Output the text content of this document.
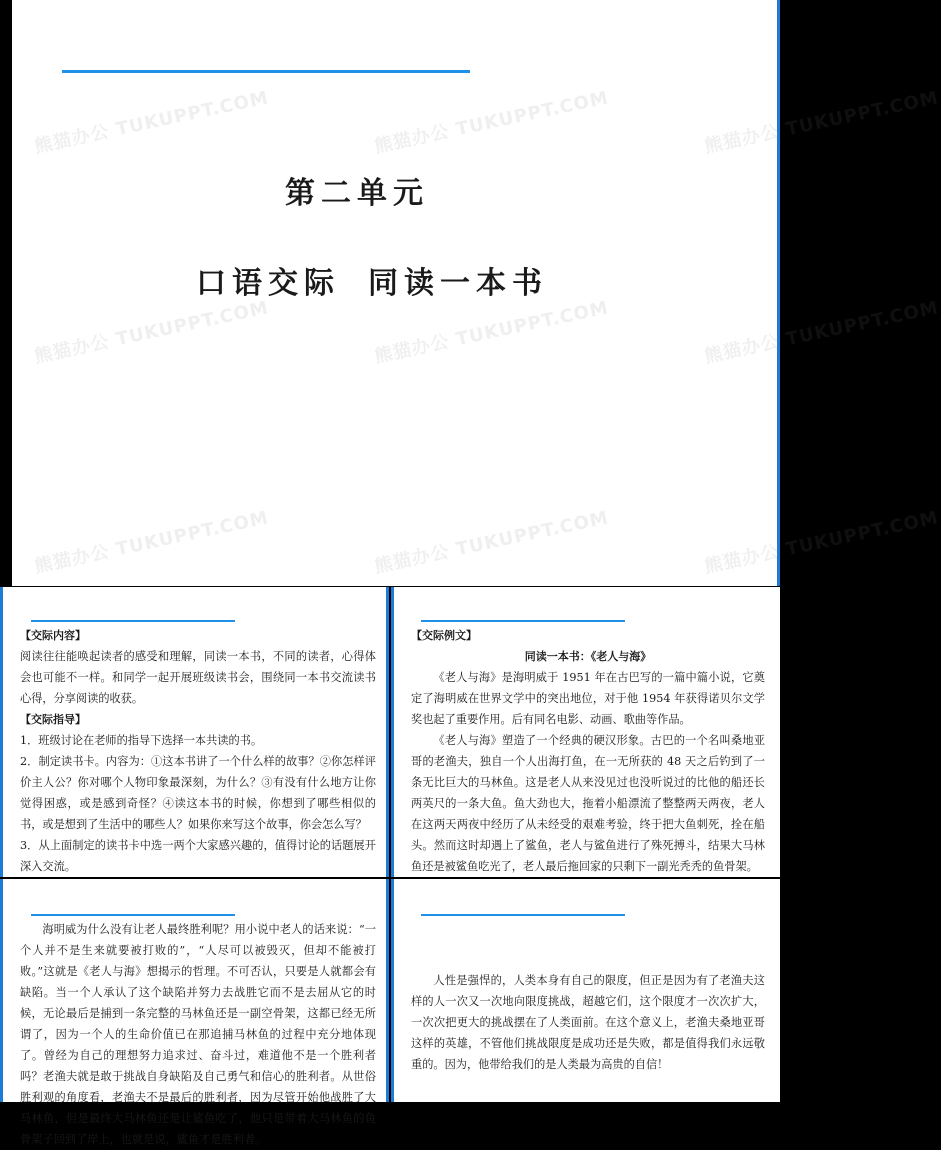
熊猫办公 TUKUPPT.COM	熊猫办公 TUKUPPT.COM	熊猫办公 TUKUPPT.COM
熊猫办公 TUKUPPT.COM	熊猫办公 TUKUPPT.COM	熊猫办公 TUKUPPT.COM
熊猫办公 TUKUPPT.COM	熊猫办公 TUKUPPT.COM	熊猫办公 TUKUPPT.COM
第二单元
口语交际 同读一本书

【交际内容】

阅读往往能唤起读者的感受和理解，同读一本书，不同的读者，心得体会也可能不一样。和同学一起开展班级读书会，围绕同一本书交流读书心得，分享阅读的收获。

【交际指导】

1．班级讨论在老师的指导下选择一本共读的书。

2．制定读书卡。内容为：①这本书讲了一个什么样的故事？②你怎样评价主人公？你对哪个人物印象最深刻，为什么？③有没有什么地方让你觉得困惑，或是感到奇怪？④读这本书的时候，你想到了哪些相似的书，或是想到了生活中的哪些人？如果你来写这个故事，你会怎么写？

3．从上面制定的读书卡中选一两个大家感兴趣的，值得讨论的话题展开深入交流。

【交际例文】

同读一本书：《老人与海》

《老人与海》是海明威于 1951 年在古巴写的一篇中篇小说，它奠定了海明威在世界文学中的突出地位，对于他 1954 年获得诺贝尔文学奖也起了重要作用。后有同名电影、动画、歌曲等作品。

《老人与海》塑造了一个经典的硬汉形象。古巴的一个名叫桑地亚哥的老渔夫，独自一个人出海打鱼，在一无所获的 48 天之后钓到了一条无比巨大的马林鱼。这是老人从来没见过也没听说过的比他的船还长两英尺的一条大鱼。鱼大劲也大，拖着小船漂流了整整两天两夜，老人在这两天两夜中经历了从未经受的艰难考验，终于把大鱼刺死，拴在船头。然而这时却遇上了鲨鱼，老人与鲨鱼进行了殊死搏斗，结果大马林鱼还是被鲨鱼吃光了，老人最后拖回家的只剩下一副光秃秃的鱼骨架。

海明威为什么没有让老人最终胜利呢？用小说中老人的话来说：“一个人并不是生来就要被打败的”，“人尽可以被毁灭，但却不能被打败。”这就是《老人与海》想揭示的哲理。不可否认，只要是人就都会有缺陷。当一个人承认了这个缺陷并努力去战胜它而不是去屈从它的时候，无论最后是捕到一条完整的马林鱼还是一副空骨架，这都已经无所谓了，因为一个人的生命价值已在那追捕马林鱼的过程中充分地体现了。曾经为自己的理想努力追求过、奋斗过，难道他不是一个胜利者吗？老渔夫就是敢于挑战自身缺陷及自己勇气和信心的胜利者。从世俗胜利观的角度看，老渔夫不是最后的胜利者，因为尽管开始他战胜了大马林鱼，但是最终大马林鱼还是让鲨鱼吃了，他只是带着大马林鱼的鱼骨架子回到了岸上，也就是说，鲨鱼才是胜利者。

人性是强悍的，人类本身有自己的限度，但正是因为有了老渔夫这样的人一次又一次地向限度挑战，超越它们，这个限度才一次次扩大，一次次把更大的挑战摆在了人类面前。在这个意义上，老渔夫桑地亚哥这样的英雄，不管他们挑战限度是成功还是失败，都是值得我们永远敬重的。因为，他带给我们的是人类最为高贵的自信！
